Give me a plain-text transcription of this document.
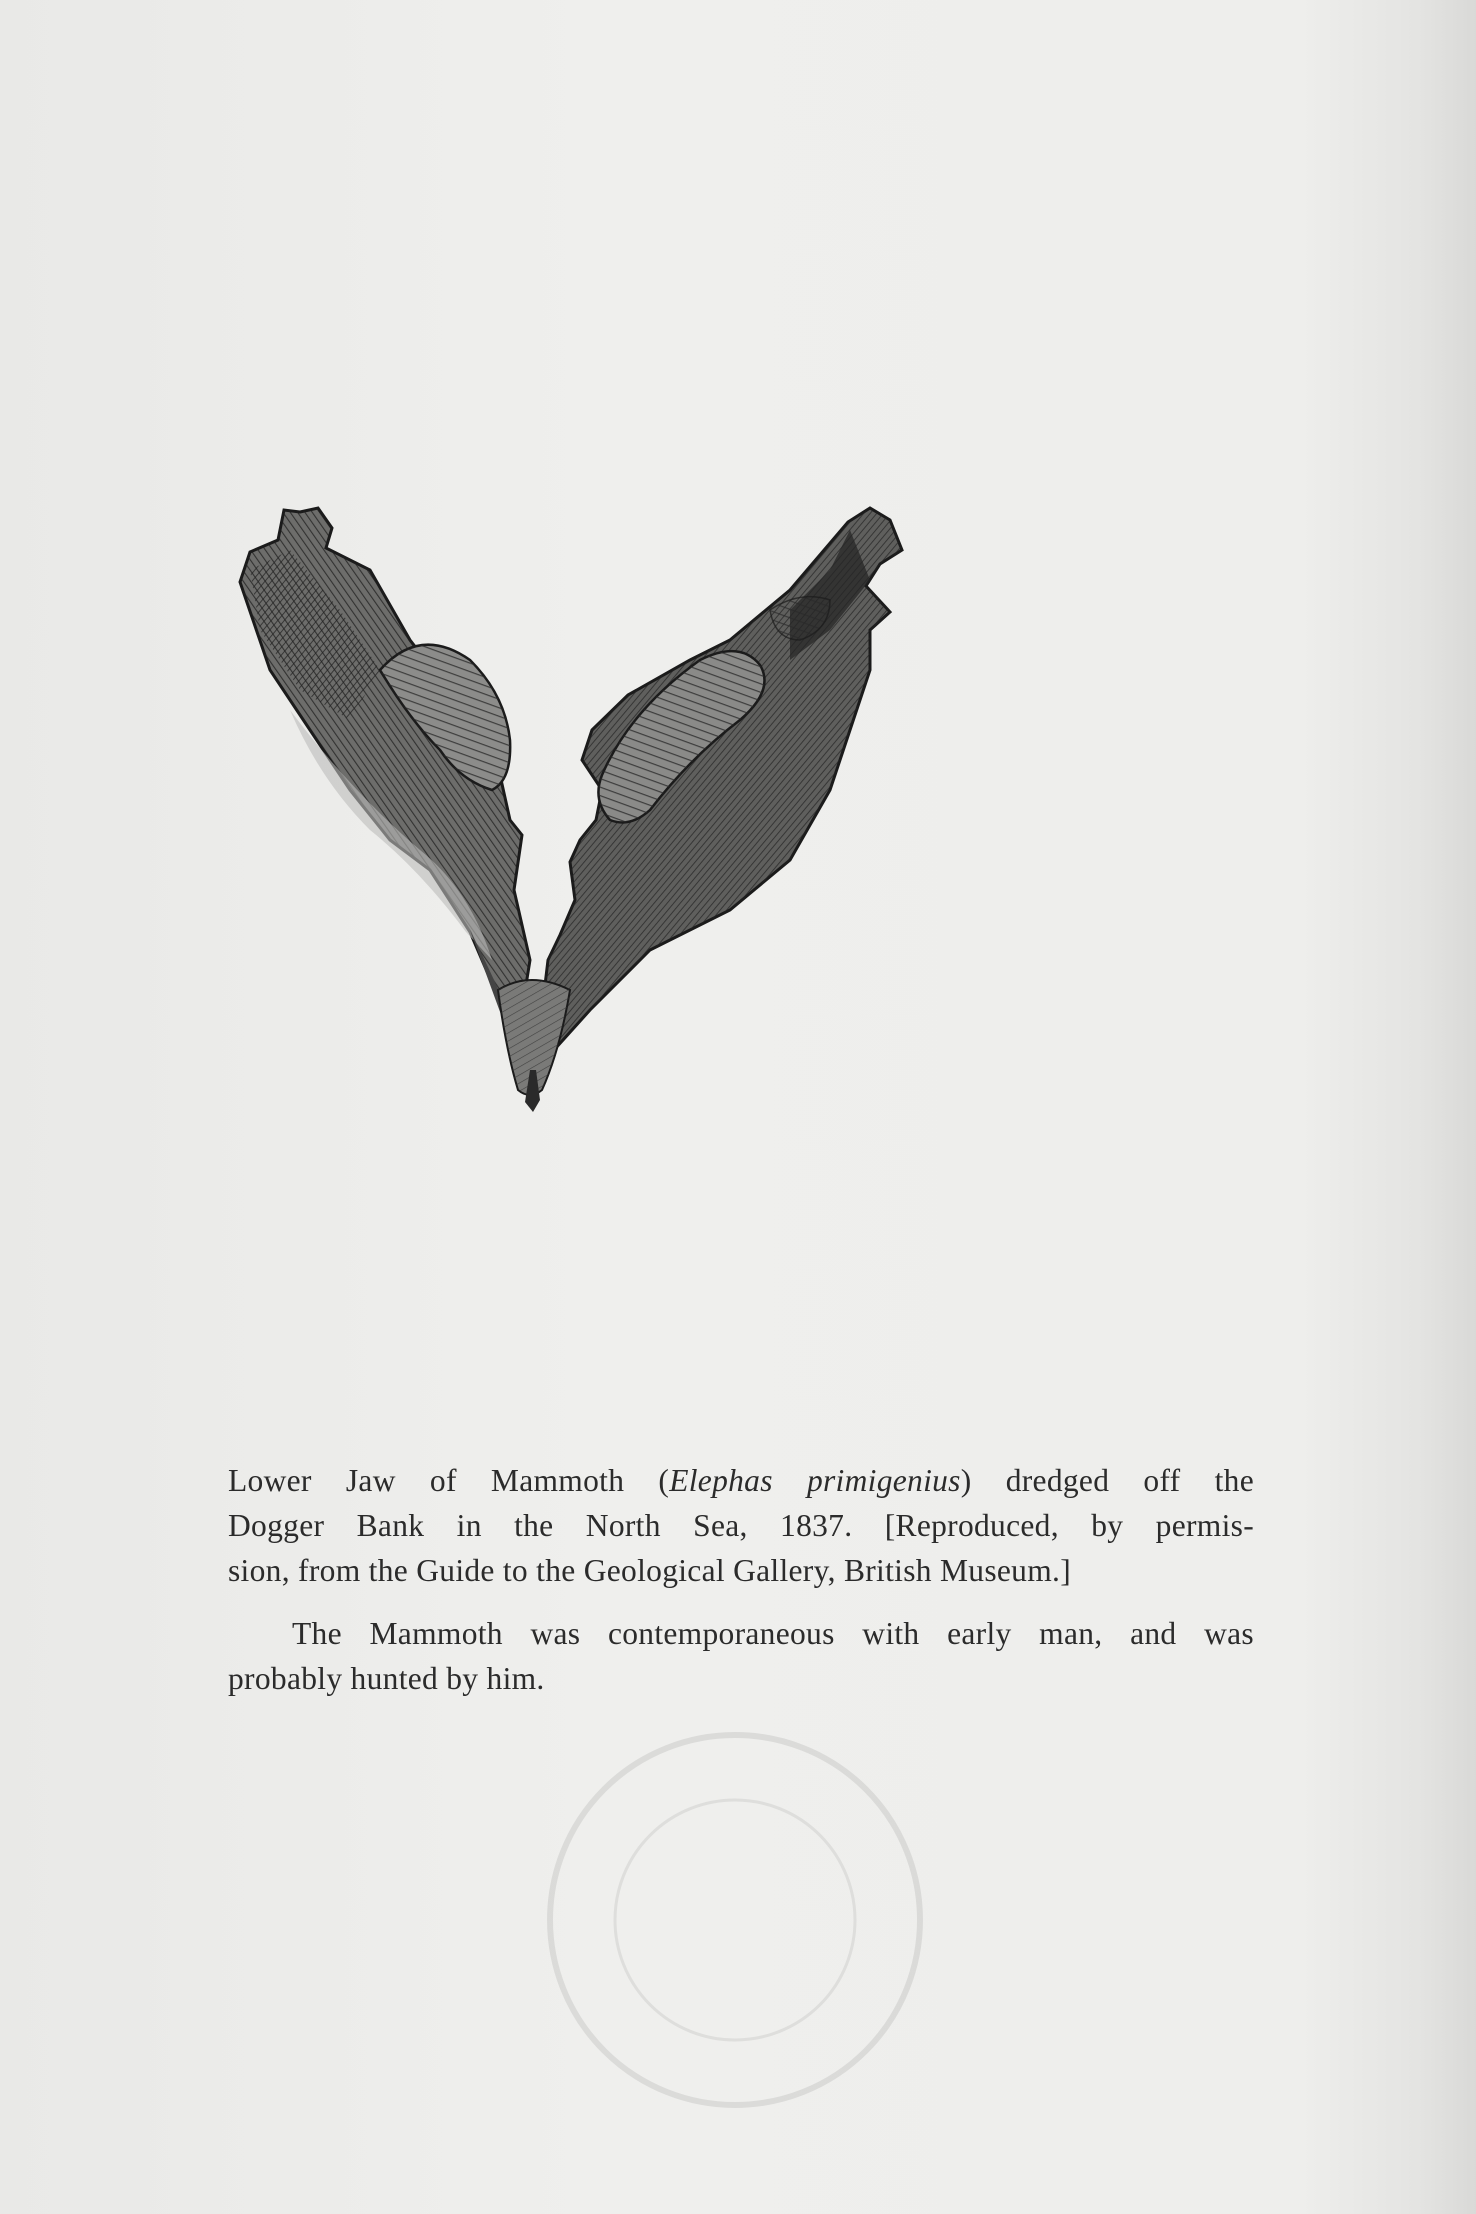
Lower Jaw of Mammoth (Elephas primigenius) dredged off the
Dogger Bank in the North Sea, 1837. [Reproduced, by permis-
sion, from the Guide to the Geological Gallery, British Museum.]

The Mammoth was contemporaneous with early man, and was
probably hunted by him.
